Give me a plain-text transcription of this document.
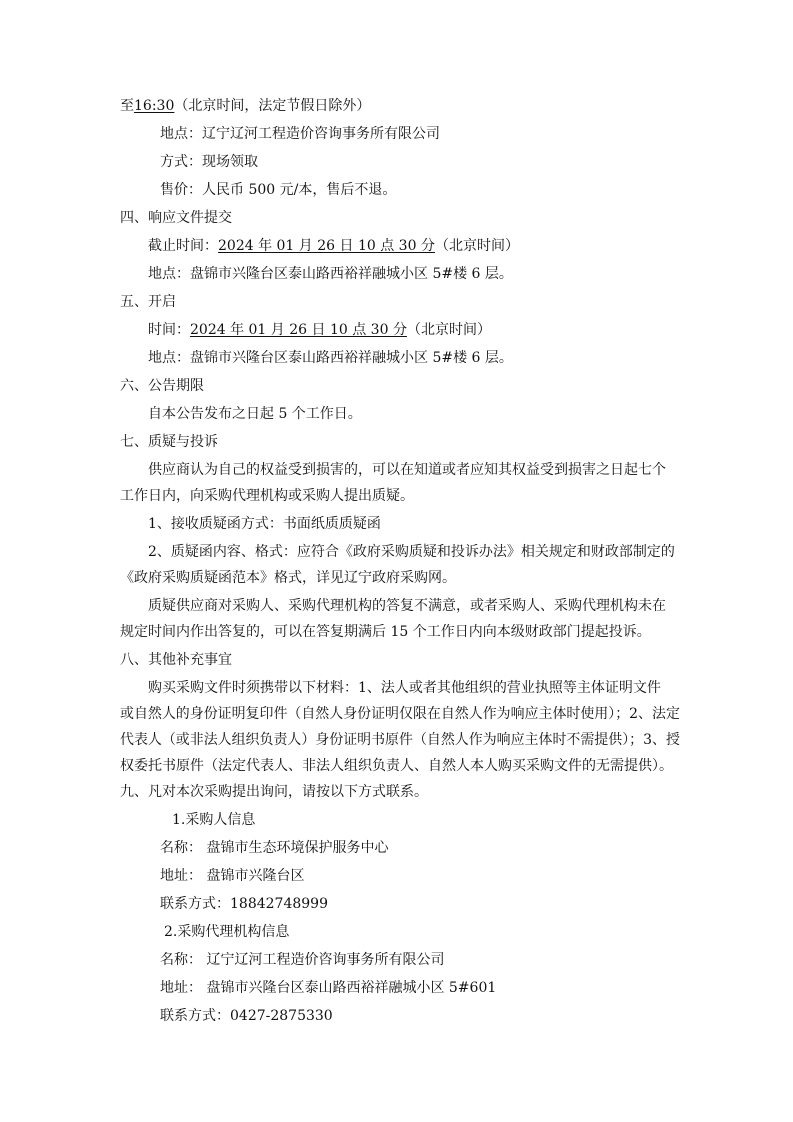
至16:30（北京时间，法定节假日除外）
地点：辽宁辽河工程造价咨询事务所有限公司
方式：现场领取
售价：人民币 500 元/本，售后不退。
四、响应文件提交
截止时间：2024 年 01 月 26 日 10 点 30 分（北京时间）
地点：盘锦市兴隆台区泰山路西裕祥融城小区 5#楼 6 层。
五、开启
时间：2024 年 01 月 26 日 10 点 30 分（北京时间）
地点：盘锦市兴隆台区泰山路西裕祥融城小区 5#楼 6 层。
六、公告期限
自本公告发布之日起 5 个工作日。
七、质疑与投诉
供应商认为自己的权益受到损害的，可以在知道或者应知其权益受到损害之日起七个
工作日内，向采购代理机构或采购人提出质疑。
1、接收质疑函方式：书面纸质质疑函
2、质疑函内容、格式：应符合《政府采购质疑和投诉办法》相关规定和财政部制定的
《政府采购质疑函范本》格式，详见辽宁政府采购网。
质疑供应商对采购人、采购代理机构的答复不满意，或者采购人、采购代理机构未在
规定时间内作出答复的，可以在答复期满后 15 个工作日内向本级财政部门提起投诉。
八、其他补充事宜
购买采购文件时须携带以下材料：1、法人或者其他组织的营业执照等主体证明文件
或自然人的身份证明复印件（自然人身份证明仅限在自然人作为响应主体时使用）；2、法定
代表人（或非法人组织负责人）身份证明书原件（自然人作为响应主体时不需提供）；3、授
权委托书原件（法定代表人、非法人组织负责人、自然人本人购买采购文件的无需提供）。
九、凡对本次采购提出询问，请按以下方式联系。
1.采购人信息
名称： 盘锦市生态环境保护服务中心
地址： 盘锦市兴隆台区
联系方式：18842748999
2.采购代理机构信息
名称： 辽宁辽河工程造价咨询事务所有限公司
地址： 盘锦市兴隆台区泰山路西裕祥融城小区 5#601
联系方式：0427-2875330
